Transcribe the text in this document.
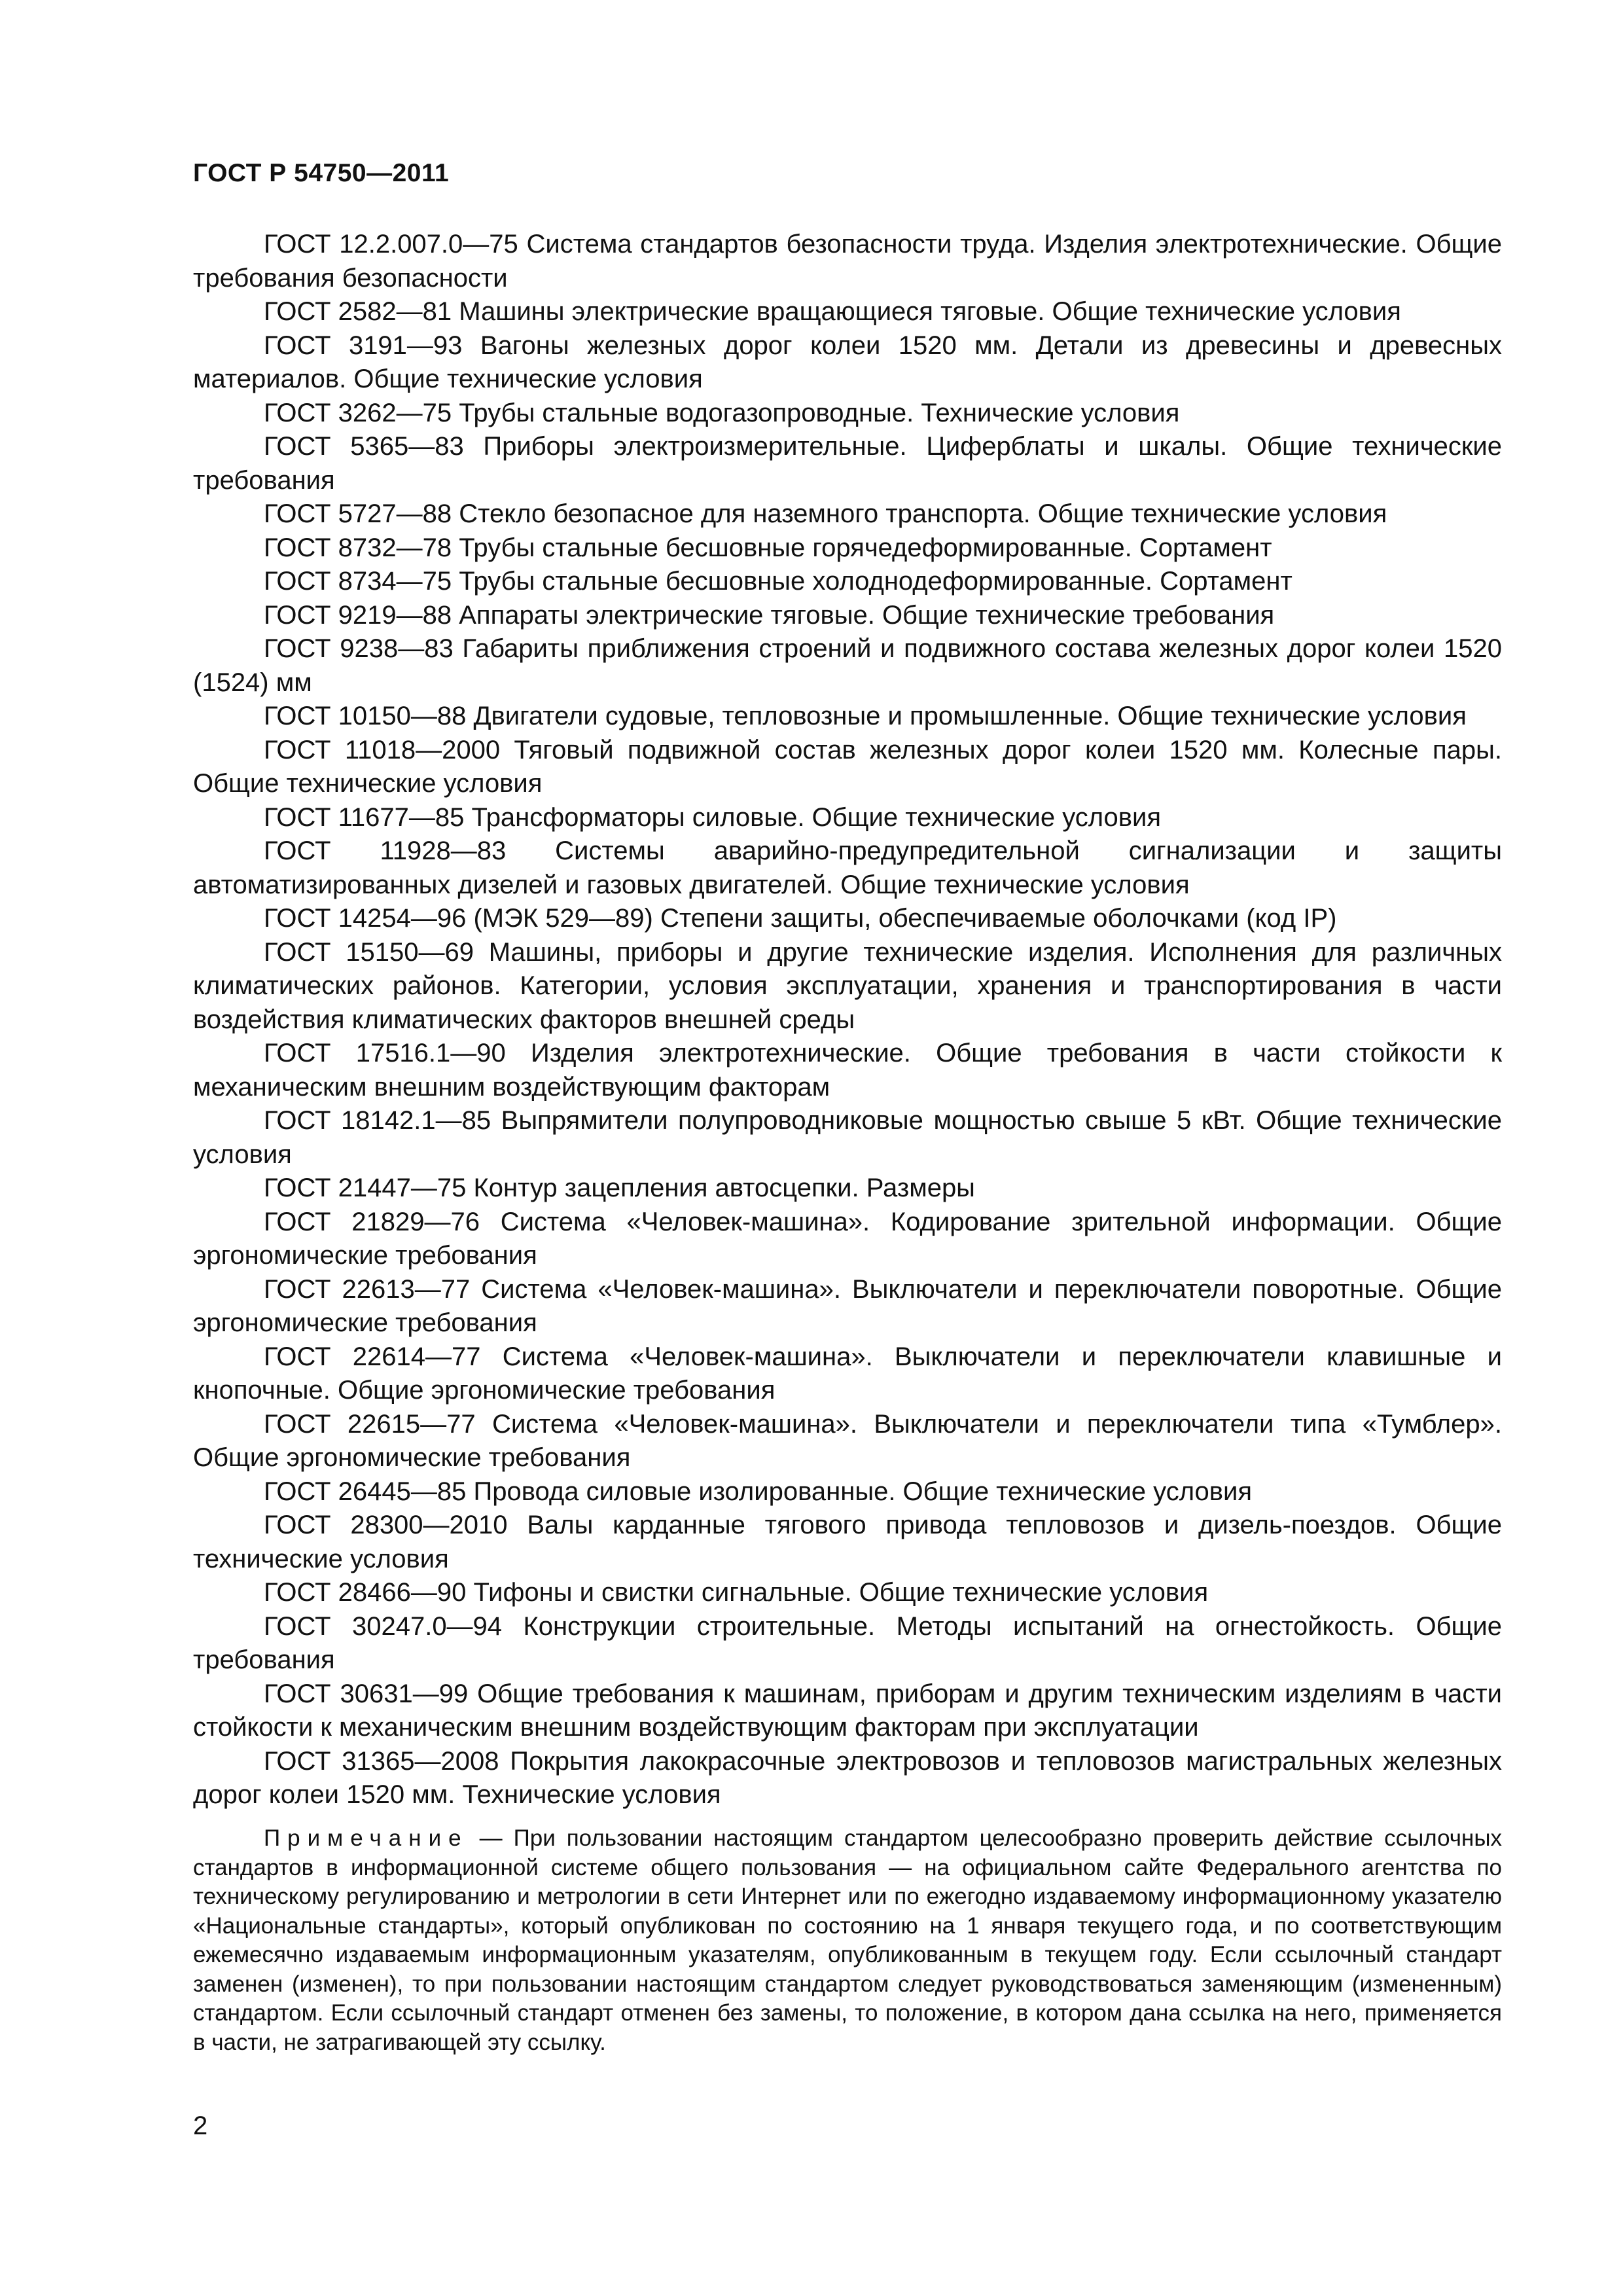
ГОСТ Р 54750—2011

ГОСТ 12.2.007.0—75 Система стандартов безопасности труда. Изделия электротехнические. Общие требования безопасности

ГОСТ 2582—81 Машины электрические вращающиеся тяговые. Общие технические условия

ГОСТ 3191—93 Вагоны железных дорог колеи 1520 мм. Детали из древесины и древесных материалов. Общие технические условия

ГОСТ 3262—75 Трубы стальные водогазопроводные. Технические условия

ГОСТ 5365—83 Приборы электроизмерительные. Циферблаты и шкалы. Общие технические требования

ГОСТ 5727—88 Стекло безопасное для наземного транспорта. Общие технические условия

ГОСТ 8732—78 Трубы стальные бесшовные горячедеформированные. Сортамент

ГОСТ 8734—75 Трубы стальные бесшовные холоднодеформированные. Сортамент

ГОСТ 9219—88 Аппараты электрические тяговые. Общие технические требования

ГОСТ 9238—83 Габариты приближения строений и подвижного состава железных дорог колеи 1520 (1524) мм

ГОСТ 10150—88 Двигатели судовые, тепловозные и промышленные. Общие технические условия

ГОСТ 11018—2000 Тяговый подвижной состав железных дорог колеи 1520 мм. Колесные пары. Общие технические условия

ГОСТ 11677—85 Трансформаторы силовые. Общие технические условия

ГОСТ 11928—83 Системы аварийно-предупредительной сигнализации и защиты автоматизированных дизелей и газовых двигателей. Общие технические условия

ГОСТ 14254—96 (МЭК 529—89) Степени защиты, обеспечиваемые оболочками (код IP)

ГОСТ 15150—69 Машины, приборы и другие технические изделия. Исполнения для различных климатических районов. Категории, условия эксплуатации, хранения и транспортирования в части воздействия климатических факторов внешней среды

ГОСТ 17516.1—90 Изделия электротехнические. Общие требования в части стойкости к механическим внешним воздействующим факторам

ГОСТ 18142.1—85 Выпрямители полупроводниковые мощностью свыше 5 кВт. Общие технические условия

ГОСТ 21447—75 Контур зацепления автосцепки. Размеры

ГОСТ 21829—76 Система «Человек-машина». Кодирование зрительной информации. Общие эргономические требования

ГОСТ 22613—77 Система «Человек-машина». Выключатели и переключатели поворотные. Общие эргономические требования

ГОСТ 22614—77 Система «Человек-машина». Выключатели и переключатели клавишные и кнопочные. Общие эргономические требования

ГОСТ 22615—77 Система «Человек-машина». Выключатели и переключатели типа «Тумблер». Общие эргономические требования

ГОСТ 26445—85 Провода силовые изолированные. Общие технические условия

ГОСТ 28300—2010 Валы карданные тягового привода тепловозов и дизель-поездов. Общие технические условия

ГОСТ 28466—90 Тифоны и свистки сигнальные. Общие технические условия

ГОСТ 30247.0—94 Конструкции строительные. Методы испытаний на огнестойкость. Общие требования

ГОСТ 30631—99 Общие требования к машинам, приборам и другим техническим изделиям в части стойкости к механическим внешним воздействующим факторам при эксплуатации

ГОСТ 31365—2008 Покрытия лакокрасочные электровозов и тепловозов магистральных железных дорог колеи 1520 мм. Технические условия

Примечание — При пользовании настоящим стандартом целесообразно проверить действие ссылочных стандартов в информационной системе общего пользования — на официальном сайте Федерального агентства по техническому регулированию и метрологии в сети Интернет или по ежегодно издаваемому информационному указателю «Национальные стандарты», который опубликован по состоянию на 1 января текущего года, и по соответствующим ежемесячно издаваемым информационным указателям, опубликованным в текущем году. Если ссылочный стандарт заменен (изменен), то при пользовании настоящим стандартом следует руководствоваться заменяющим (измененным) стандартом. Если ссылочный стандарт отменен без замены, то положение, в котором дана ссылка на него, применяется в части, не затрагивающей эту ссылку.

2
